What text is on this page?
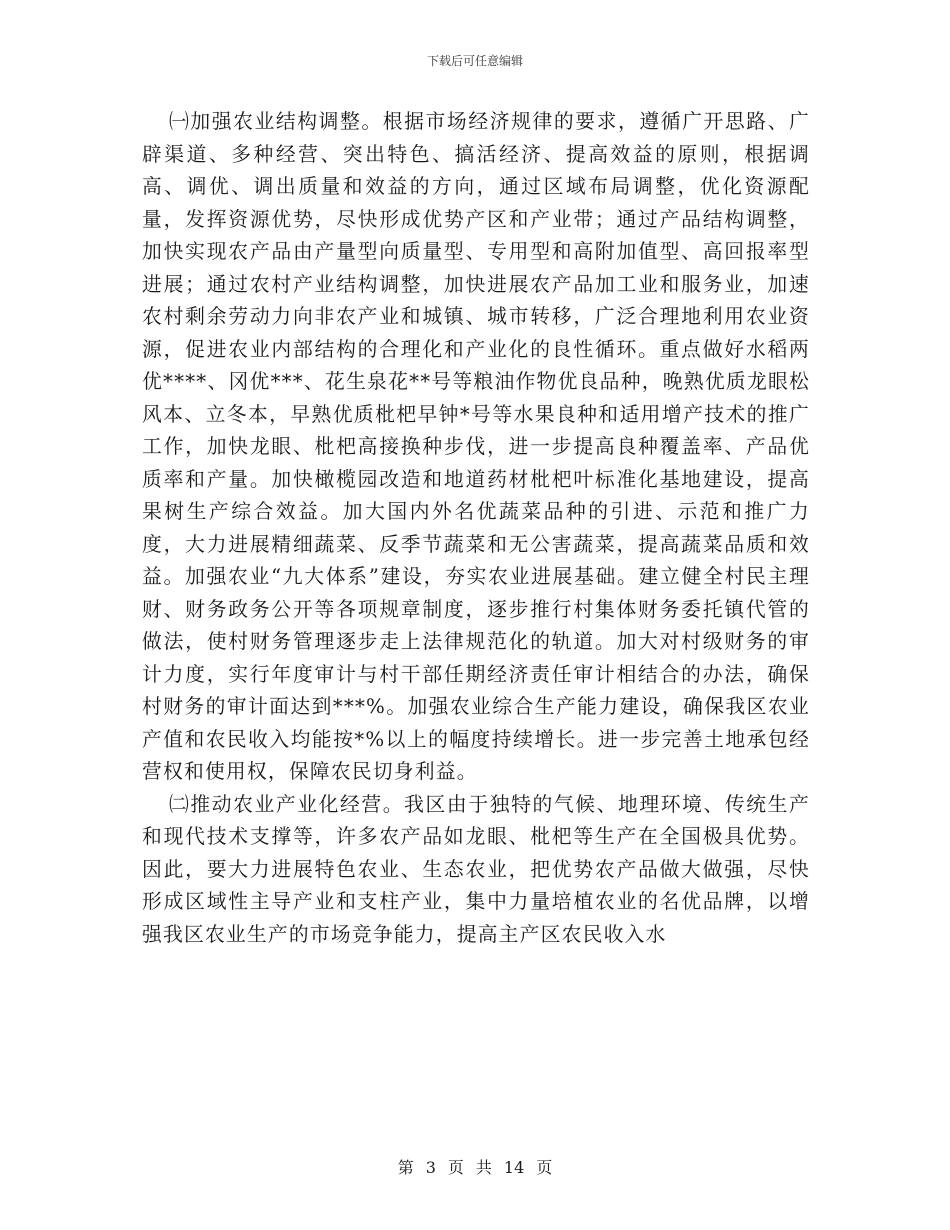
下载后可任意编辑

㈠加强农业结构调整。根据市场经济规律的要求，遵循广开思路、广辟渠道、多种经营、突出特色、搞活经济、提高效益的原则，根据调高、调优、调出质量和效益的方向，通过区域布局调整，优化资源配量，发挥资源优势，尽快形成优势产区和产业带；通过产品结构调整，加快实现农产品由产量型向质量型、专用型和高附加值型、高回报率型进展；通过农村产业结构调整，加快进展农产品加工业和服务业，加速农村剩余劳动力向非农产业和城镇、城市转移，广泛合理地利用农业资源，促进农业内部结构的合理化和产业化的良性循环。重点做好水稻两优****、冈优***、花生泉花**号等粮油作物优良品种，晚熟优质龙眼松风本、立冬本，早熟优质枇杷早钟*号等水果良种和适用增产技术的推广工作，加快龙眼、枇杷高接换种步伐，进一步提高良种覆盖率、产品优质率和产量。加快橄榄园改造和地道药材枇杷叶标准化基地建设，提高果树生产综合效益。加大国内外名优蔬菜品种的引进、示范和推广力度，大力进展精细蔬菜、反季节蔬菜和无公害蔬菜，提高蔬菜品质和效益。加强农业“九大体系”建设，夯实农业进展基础。建立健全村民主理财、财务政务公开等各项规章制度，逐步推行村集体财务委托镇代管的做法，使村财务管理逐步走上法律规范化的轨道。加大对村级财务的审计力度，实行年度审计与村干部任期经济责任审计相结合的办法，确保村财务的审计面达到***%。加强农业综合生产能力建设，确保我区农业产值和农民收入均能按*%以上的幅度持续增长。进一步完善土地承包经营权和使用权，保障农民切身利益。

㈡推动农业产业化经营。我区由于独特的气候、地理环境、传统生产和现代技术支撑等，许多农产品如龙眼、枇杷等生产在全国极具优势。因此，要大力进展特色农业、生态农业，把优势农产品做大做强，尽快形成区域性主导产业和支柱产业，集中力量培植农业的名优品牌，以增强我区农业生产的市场竞争能力，提高主产区农民收入水

第 3 页 共 14 页
